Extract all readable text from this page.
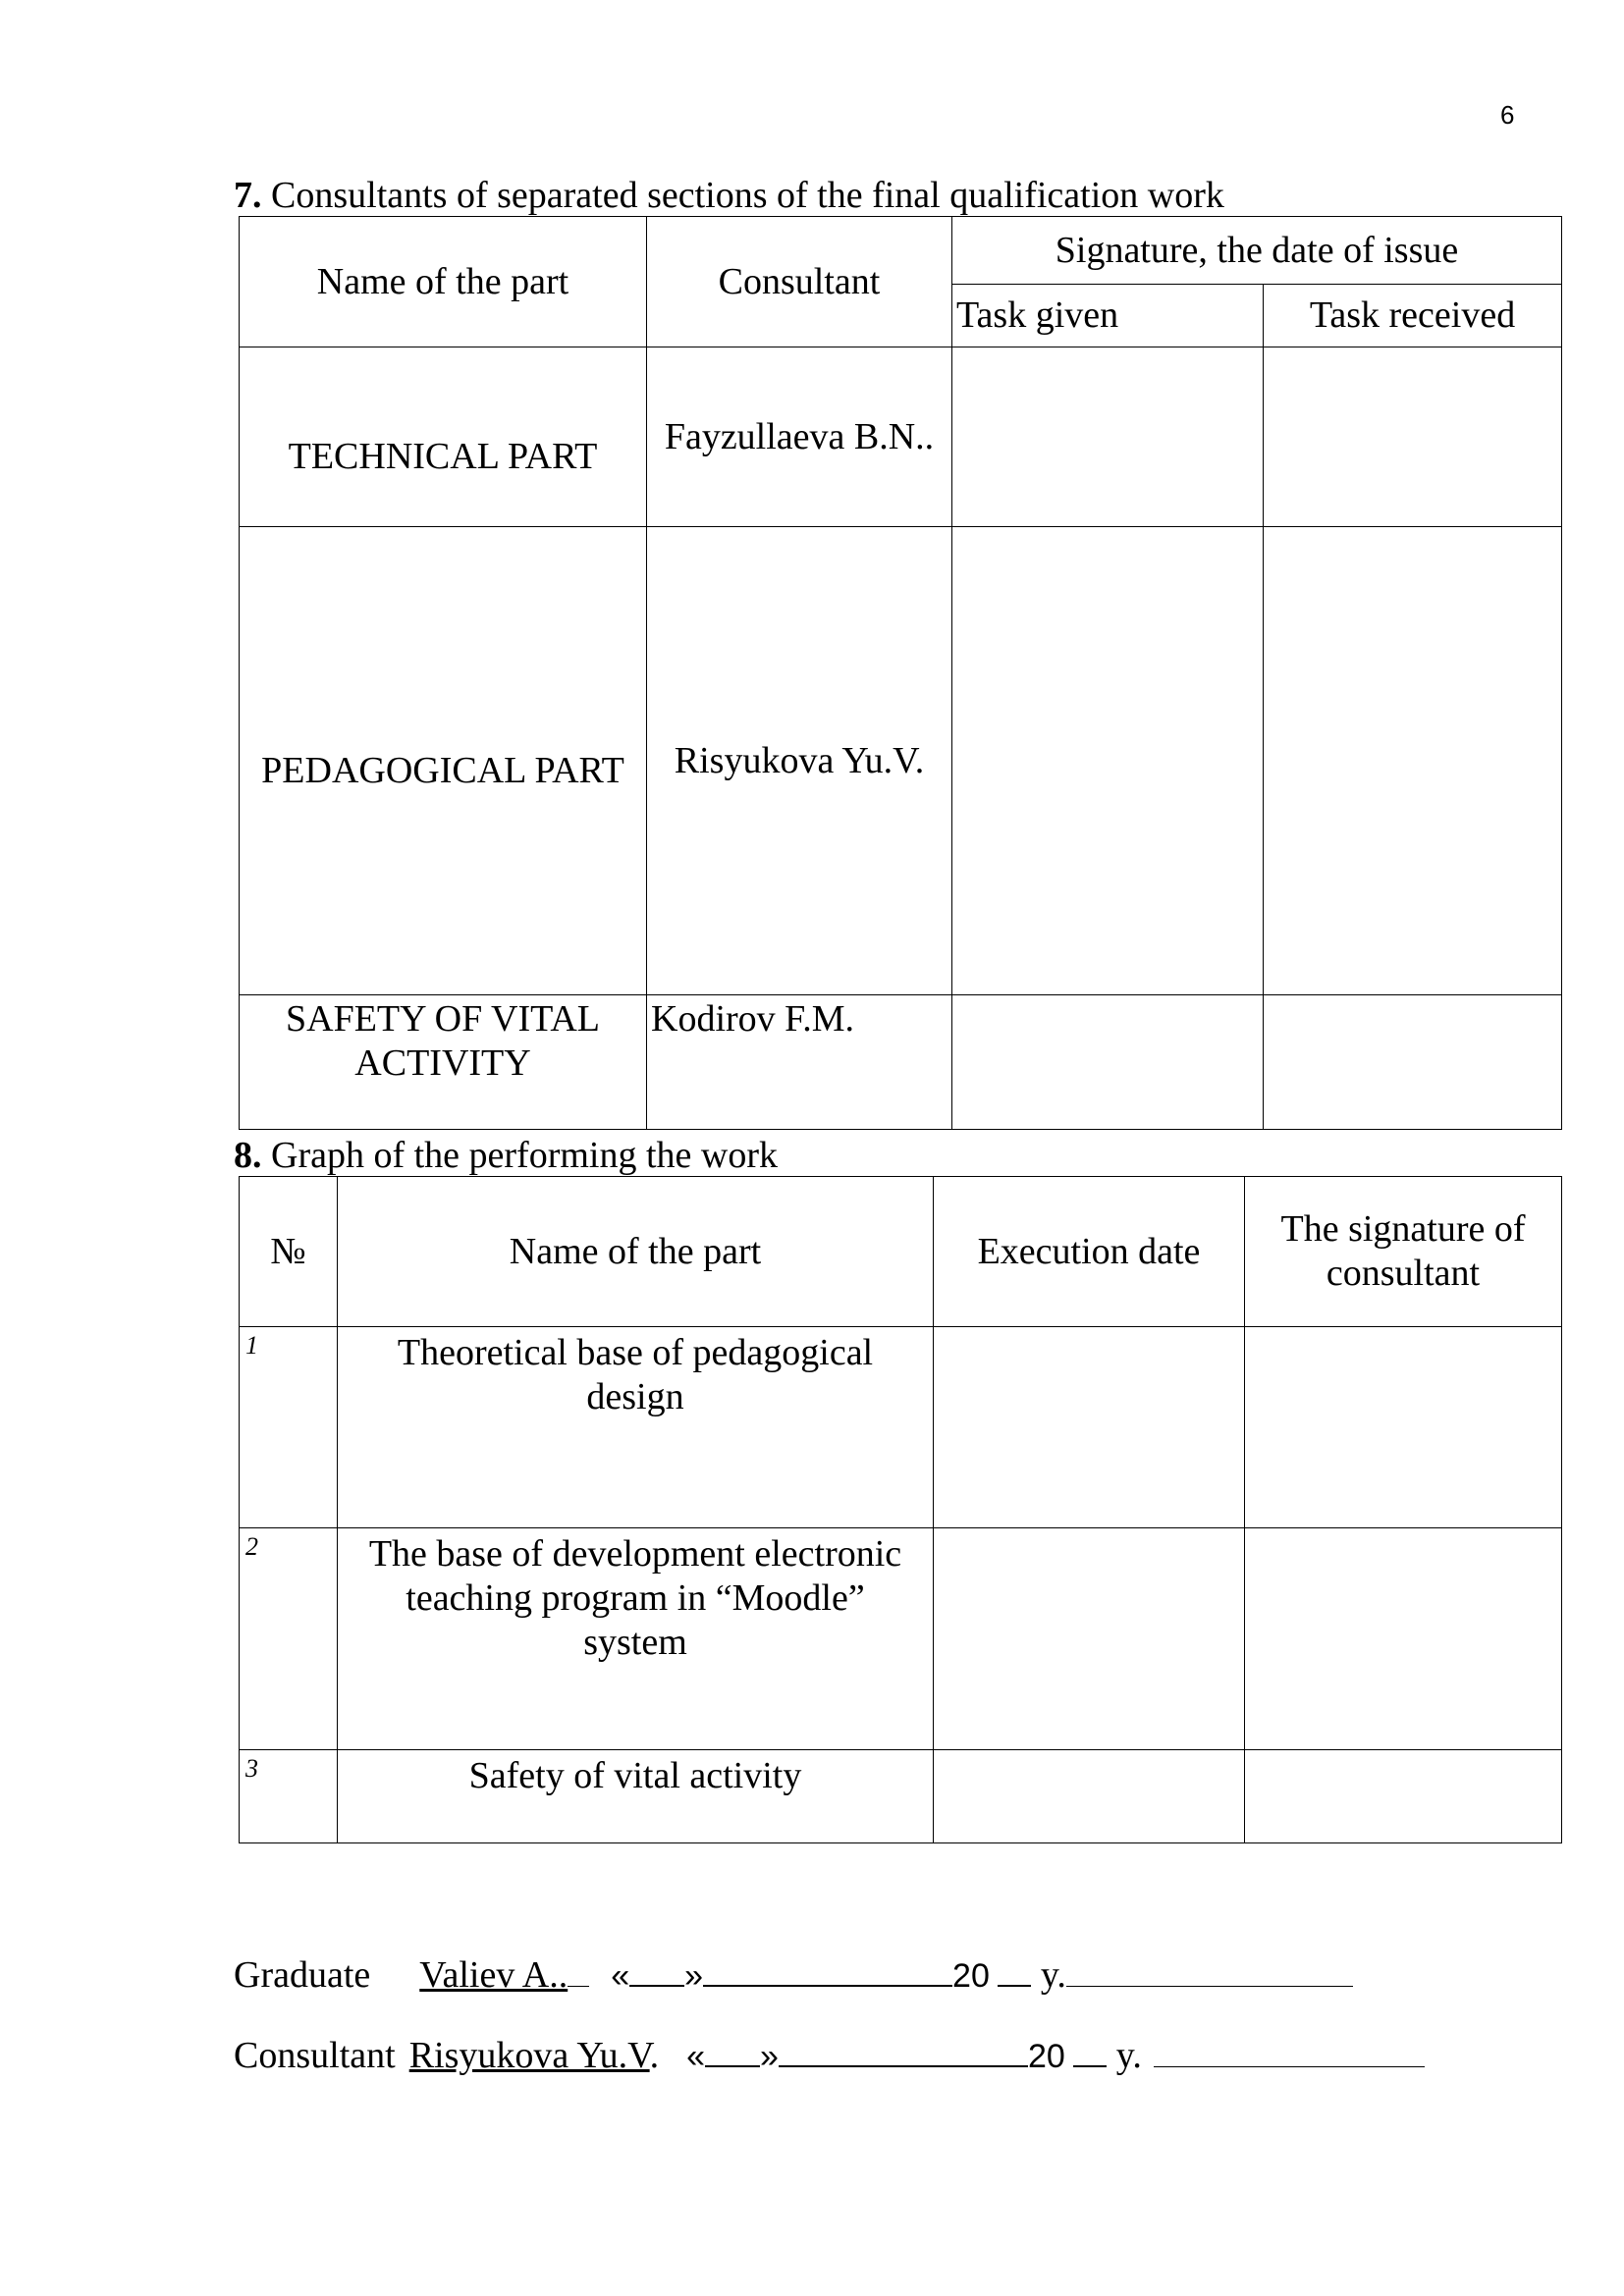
6
7. Consultants of separated sections of the final qualification work
Name of the part	Consultant	Signature, the date of issue	
		Task given	Task received
TECHNICAL PART	Fayzullaeva B.N..		
PEDAGOGICAL PART	Risyukova Yu.V.		
SAFETY OF VITAL ACTIVITY	Kodirov F.M.		
8. Graph of the performing the work
№	Name of the part	Execution date	The signature of consultant
1	Theoretical base of pedagogical design		
2	The base of development electronic teaching program in “Moodle” system		
3	Safety of vital activity		
Graduate Valiev A.. « »	20 y.
Consultant Risyukova Yu.V. « »	20 y.
